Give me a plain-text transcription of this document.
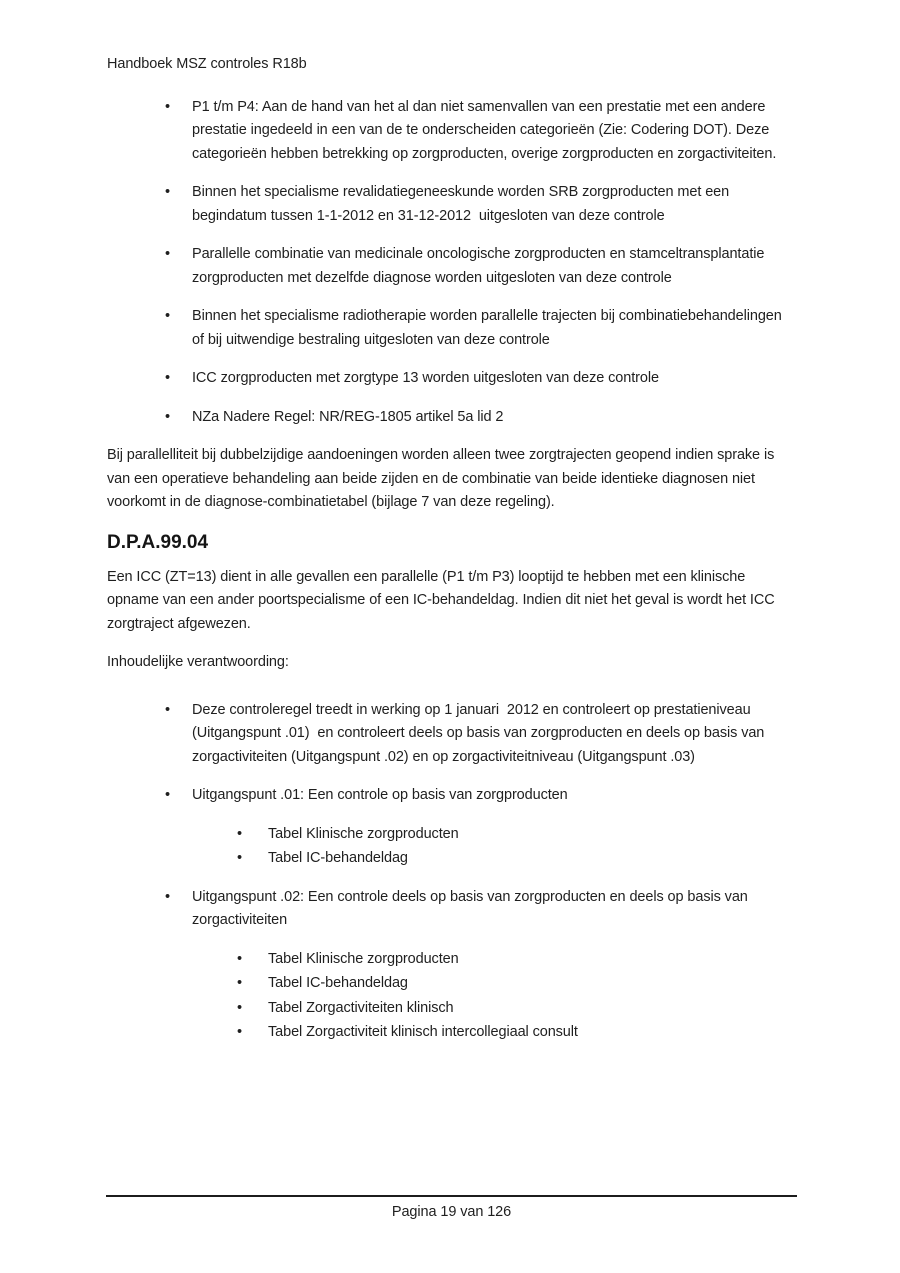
Handboek MSZ controles R18b
•	P1 t/m P4: Aan de hand van het al dan niet samenvallen van een prestatie met een andere prestatie ingedeeld in een van de te onderscheiden categorieën (Zie: Codering DOT). Deze categorieën hebben betrekking op zorgproducten, overige zorgproducten en zorgactiviteiten.
•	Binnen het specialisme revalidatiegeneeskunde worden SRB zorgproducten met een begindatum tussen 1-1-2012 en 31-12-2012  uitgesloten van deze controle
•	Parallelle combinatie van medicinale oncologische zorgproducten en stamceltransplantatie zorgproducten met dezelfde diagnose worden uitgesloten van deze controle
•	Binnen het specialisme radiotherapie worden parallelle trajecten bij combinatiebehandelingen of bij uitwendige bestraling uitgesloten van deze controle
•	ICC zorgproducten met zorgtype 13 worden uitgesloten van deze controle
•	NZa Nadere Regel: NR/REG-1805 artikel 5a lid 2

Bij parallelliteit bij dubbelzijdige aandoeningen worden alleen twee zorgtrajecten geopend indien sprake is van een operatieve behandeling aan beide zijden en de combinatie van beide identieke diagnosen niet voorkomt in de diagnose-combinatietabel (bijlage 7 van deze regeling).

D.P.A.99.04

Een ICC (ZT=13) dient in alle gevallen een parallelle (P1 t/m P3) looptijd te hebben met een klinische opname van een ander poortspecialisme of een IC-behandeldag. Indien dit niet het geval is wordt het ICC zorgtraject afgewezen.

Inhoudelijke verantwoording:

•	Deze controleregel treedt in werking op 1 januari  2012 en controleert op prestatieniveau (Uitgangspunt .01)  en controleert deels op basis van zorgproducten en deels op basis van zorgactiviteiten (Uitgangspunt .02) en op zorgactiviteitniveau (Uitgangspunt .03)
•	Uitgangspunt .01: Een controle op basis van zorgproducten
•	Tabel Klinische zorgproducten
•	Tabel IC-behandeldag
•	Uitgangspunt .02: Een controle deels op basis van zorgproducten en deels op basis van zorgactiviteiten
•	Tabel Klinische zorgproducten
•	Tabel IC-behandeldag
•	Tabel Zorgactiviteiten klinisch
•	Tabel Zorgactiviteit klinisch intercollegiaal consult
Pagina 19 van 126
